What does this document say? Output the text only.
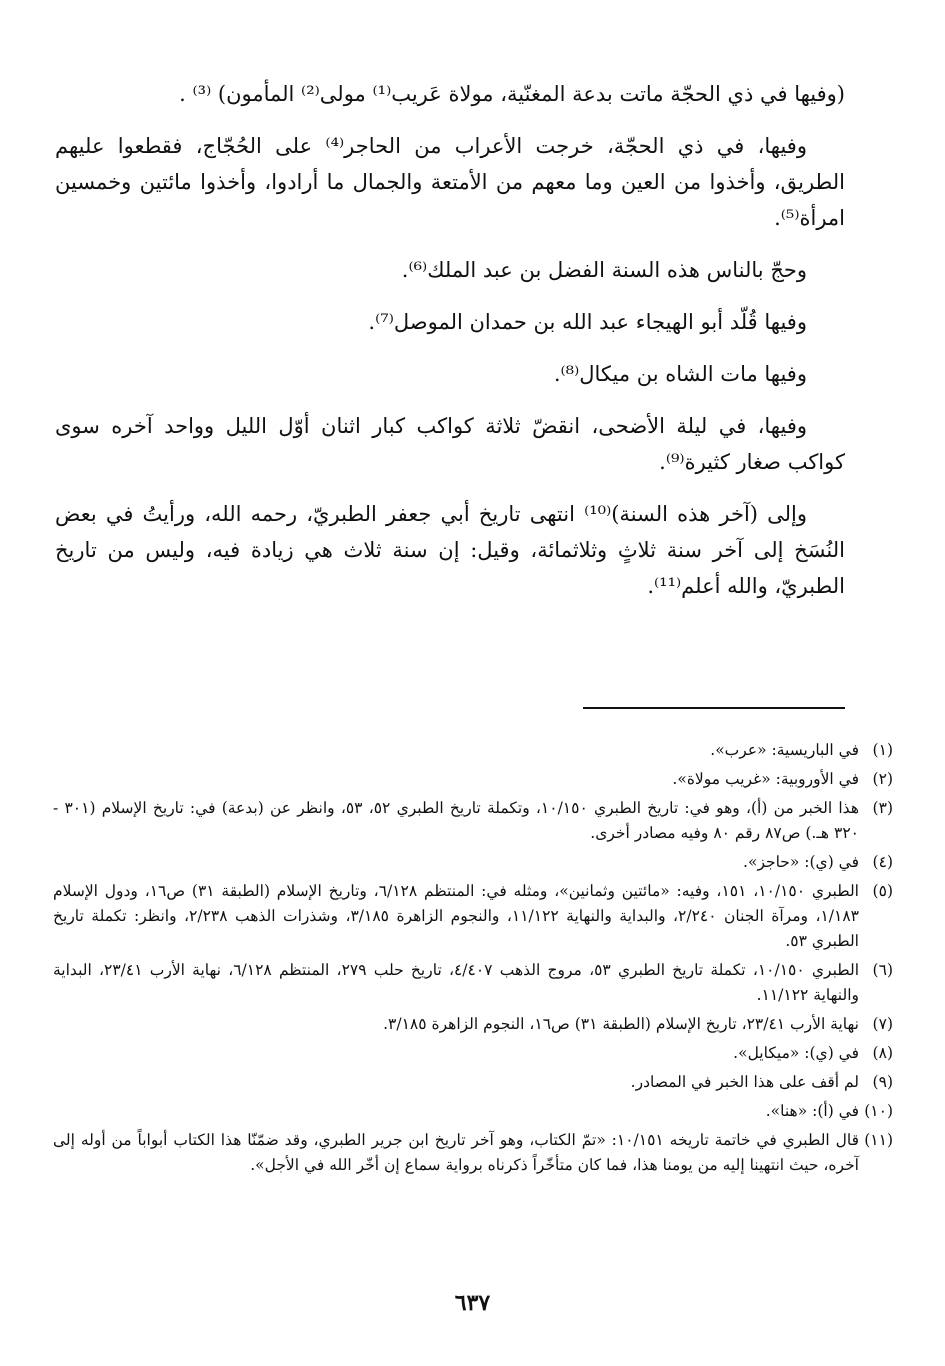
(وفيها في ذي الحجّة ماتت بدعة المغنّية، مولاة عَريب⁽¹⁾ مولى⁽²⁾ المأمون) ⁽³⁾ .

وفيها، في ذي الحجّة، خرجت الأعراب من الحاجر⁽⁴⁾ على الحُجّاج، فقطعوا عليهم الطريق، وأخذوا من العين وما معهم من الأمتعة والجمال ما أرادوا، وأخذوا مائتين وخمسين امرأة⁽⁵⁾.

وحجّ بالناس هذه السنة الفضل بن عبد الملك⁽⁶⁾.

وفيها قُلّد أبو الهيجاء عبد الله بن حمدان الموصل⁽⁷⁾.

وفيها مات الشاه بن ميكال⁽⁸⁾.

وفيها، في ليلة الأضحى، انقضّ ثلاثة كواكب كبار اثنان أوّل الليل وواحد آخره سوى كواكب صغار كثيرة⁽⁹⁾.

وإلى (آخر هذه السنة)⁽¹⁰⁾ انتهى تاريخ أبي جعفر الطبريّ، رحمه الله، ورأيتُ في بعض النُسَخ إلى آخر سنة ثلاثٍ وثلاثمائة، وقيل: إن سنة ثلاث هي زيادة فيه، وليس من تاريخ الطبريّ، والله أعلم⁽¹¹⁾.

(١)
في الباريسية: «عرب».
(٢)
في الأوروبية: «غريب مولاة».
(٣)
هذا الخبر من (أ)، وهو في: تاريخ الطبري ١٠/١٥٠، وتكملة تاريخ الطبري ٥٢، ٥٣، وانظر عن (بدعة) في: تاريخ الإسلام (٣٠١ - ٣٢٠ هـ.) ص٨٧ رقم ٨٠ وفيه مصادر أخرى.
(٤)
في (ي): «حاجز».
(٥)
الطبري ١٠/١٥٠، ١٥١، وفيه: «مائتين وثمانين»، ومثله في: المنتظم ٦/١٢٨، وتاريخ الإسلام (الطبقة ٣١) ص١٦، ودول الإسلام ١/١٨٣، ومرآة الجنان ٢/٢٤٠، والبداية والنهاية ١١/١٢٢، والنجوم الزاهرة ٣/١٨٥، وشذرات الذهب ٢/٢٣٨، وانظر: تكملة تاريخ الطبري ٥٣.
(٦)
الطبري ١٠/١٥٠، تكملة تاريخ الطبري ٥٣، مروج الذهب ٤/٤٠٧، تاريخ حلب ٢٧٩، المنتظم ٦/١٢٨، نهاية الأرب ٢٣/٤١، البداية والنهاية ١١/١٢٢.
(٧)
نهاية الأرب ٢٣/٤١، تاريخ الإسلام (الطبقة ٣١) ص١٦، النجوم الزاهرة ٣/١٨٥.
(٨)
في (ي): «ميكايل».
(٩)
لم أقف على هذا الخبر في المصادر.
(١٠)
في (أ): «هنا».
(١١)
قال الطبري في خاتمة تاريخه ١٠/١٥١: «تمّ الكتاب، وهو آخر تاريخ ابن جرير الطبري، وقد ضمّنّا هذا الكتاب أبواباً من أوله إلى آخره، حيث انتهينا إليه من يومنا هذا، فما كان متأخّراً ذكرناه برواية سماع إن أخّر الله في الأجل».
٦٣٧
